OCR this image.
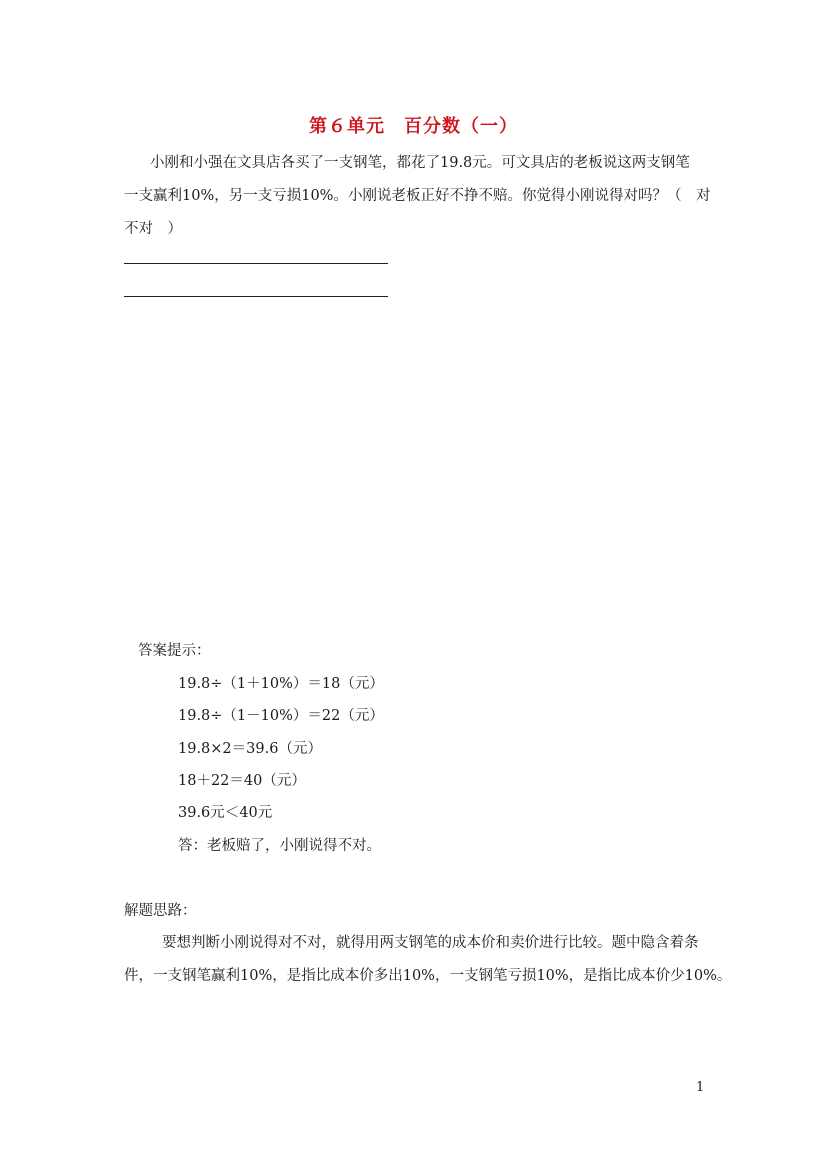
第６单元　百分数（一）
小刚和小强在文具店各买了一支钢笔，都花了19.8元。可文具店的老板说这两支钢笔
一支赢利10%，另一支亏损10%。小刚说老板正好不挣不赔。你觉得小刚说得对吗？（　对
不对　）
答案提示：
19.8÷（1＋10%）＝18（元）
19.8÷（1－10%）＝22（元）
19.8×2＝39.6（元）
18＋22＝40（元）
39.6元＜40元
答：老板赔了，小刚说得不对。
解题思路：
要想判断小刚说得对不对，就得用两支钢笔的成本价和卖价进行比较。题中隐含着条
件，一支钢笔赢利10%，是指比成本价多出10%，一支钢笔亏损10%，是指比成本价少10%。
1
